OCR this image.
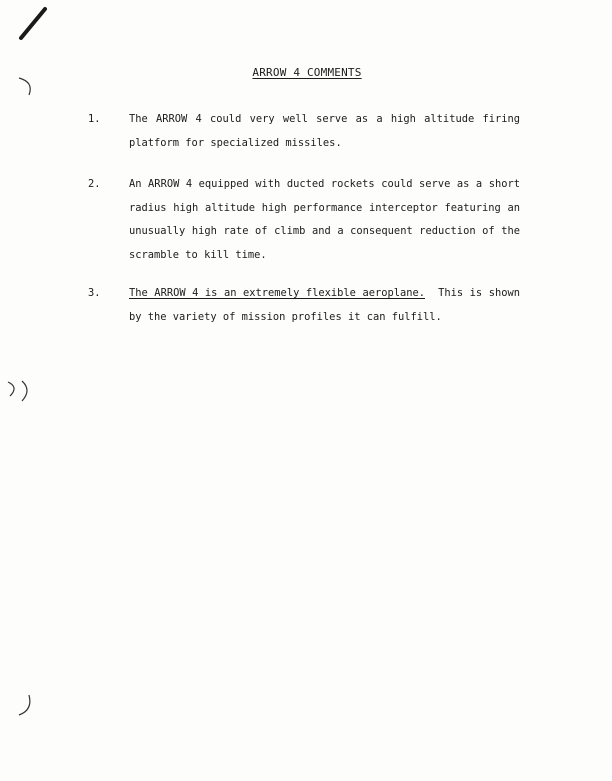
ARROW 4 COMMENTS
1.	The ARROW 4 could very well serve as a high altitude firing platform for specialized missiles.
2.	An ARROW 4 equipped with ducted rockets could serve as a short radius high altitude high performance interceptor featuring an unusually high rate of climb and a consequent reduction of the scramble to kill time.
3.	The ARROW 4 is an extremely flexible aeroplane. This is shown by the variety of mission profiles it can fulfill.
